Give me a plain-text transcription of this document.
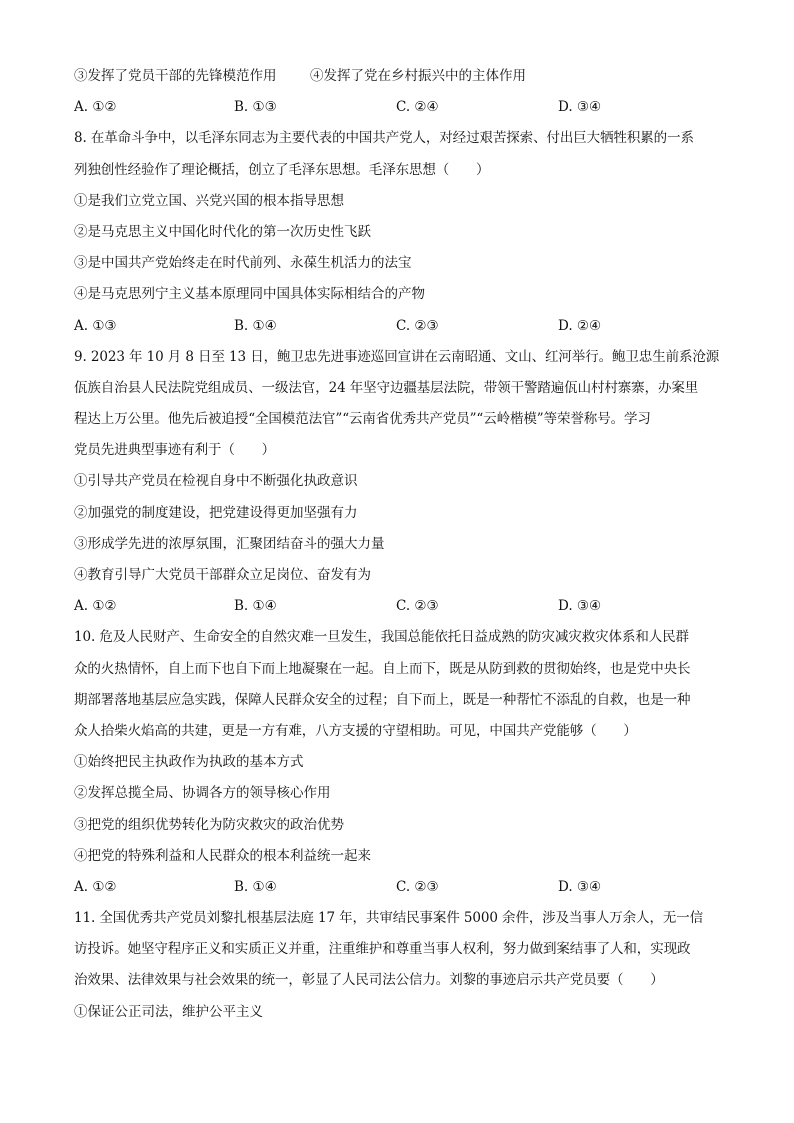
③发挥了党员干部的先锋模范作用 ④发挥了党在乡村振兴中的主体作用
A. ①②	B. ①③	C. ②④	D. ③④
8. 在革命斗争中，以毛泽东同志为主要代表的中国共产党人，对经过艰苦探索、付出巨大牺牲积累的一系
列独创性经验作了理论概括，创立了毛泽东思想。毛泽东思想（　　）
①是我们立党立国、兴党兴国的根本指导思想
②是马克思主义中国化时代化的第一次历史性飞跃
③是中国共产党始终走在时代前列、永葆生机活力的法宝
④是马克思列宁主义基本原理同中国具体实际相结合的产物
A. ①③	B. ①④	C. ②③	D. ②④
9. 2023 年 10 月 8 日至 13 日，鲍卫忠先进事迹巡回宣讲在云南昭通、文山、红河举行。鲍卫忠生前系沧源
佤族自治县人民法院党组成员、一级法官，24 年坚守边疆基层法院，带领干警踏遍佤山村村寨寨，办案里
程达上万公里。他先后被追授“全国模范法官”“云南省优秀共产党员”“云岭楷模”等荣誉称号。学习
党员先进典型事迹有利于（　　）
①引导共产党员在检视自身中不断强化执政意识
②加强党的制度建设，把党建设得更加坚强有力
③形成学先进的浓厚氛围，汇聚团结奋斗的强大力量
④教育引导广大党员干部群众立足岗位、奋发有为
A. ①②	B. ①④	C. ②③	D. ③④
10. 危及人民财产、生命安全的自然灾难一旦发生，我国总能依托日益成熟的防灾减灾救灾体系和人民群
众的火热情怀，自上而下也自下而上地凝聚在一起。自上而下，既是从防到救的贯彻始终，也是党中央长
期部署落地基层应急实践，保障人民群众安全的过程；自下而上，既是一种帮忙不添乱的自救，也是一种
众人拾柴火焰高的共建，更是一方有难，八方支援的守望相助。可见，中国共产党能够（　　）
①始终把民主执政作为执政的基本方式
②发挥总揽全局、协调各方的领导核心作用
③把党的组织优势转化为防灾救灾的政治优势
④把党的特殊利益和人民群众的根本利益统一起来
A. ①②	B. ①④	C. ②③	D. ③④
11. 全国优秀共产党员刘黎扎根基层法庭 17 年，共审结民事案件 5000 余件，涉及当事人万余人，无一信
访投诉。她坚守程序正义和实质正义并重，注重维护和尊重当事人权利，努力做到案结事了人和，实现政
治效果、法律效果与社会效果的统一，彰显了人民司法公信力。刘黎的事迹启示共产党员要（　　）
①保证公正司法，维护公平主义
